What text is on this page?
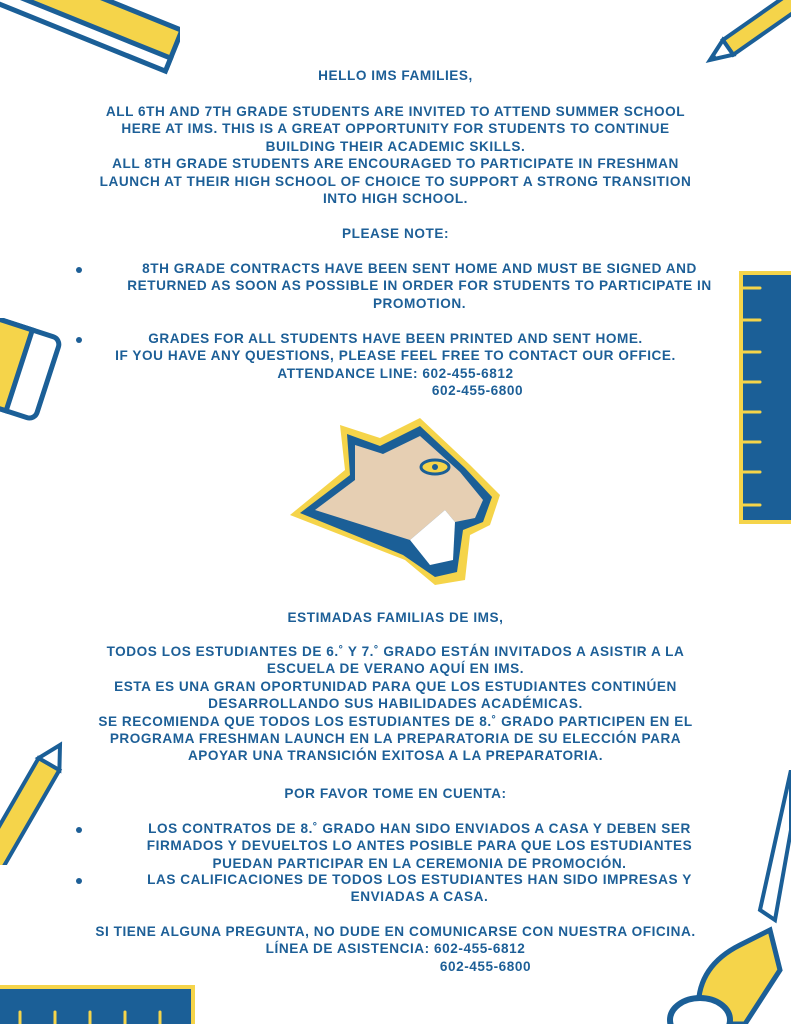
HELLO IMS FAMILIES,
ALL 6TH AND 7TH GRADE STUDENTS ARE INVITED TO ATTEND SUMMER SCHOOL
HERE AT IMS. THIS IS A GREAT OPPORTUNITY FOR STUDENTS TO CONTINUE
BUILDING THEIR ACADEMIC SKILLS.
ALL 8TH GRADE STUDENTS ARE ENCOURAGED TO PARTICIPATE IN FRESHMAN
LAUNCH AT THEIR HIGH SCHOOL OF CHOICE TO SUPPORT A STRONG TRANSITION
INTO HIGH SCHOOL.
PLEASE NOTE:
8TH GRADE CONTRACTS HAVE BEEN SENT HOME AND MUST BE SIGNED AND
RETURNED AS SOON AS POSSIBLE IN ORDER FOR STUDENTS TO PARTICIPATE IN
PROMOTION.
GRADES FOR ALL STUDENTS HAVE BEEN PRINTED AND SENT HOME.
IF YOU HAVE ANY QUESTIONS, PLEASE FEEL FREE TO CONTACT OUR OFFICE.
ATTENDANCE LINE: 602-455-6812
602-455-6800
ESTIMADAS FAMILIAS DE IMS,
TODOS LOS ESTUDIANTES DE 6.˚ Y 7.˚ GRADO ESTÁN INVITADOS A ASISTIR A LA
ESCUELA DE VERANO AQUÍ EN IMS.
ESTA ES UNA GRAN OPORTUNIDAD PARA QUE LOS ESTUDIANTES CONTINÚEN
DESARROLLANDO SUS HABILIDADES ACADÉMICAS.
SE RECOMIENDA QUE TODOS LOS ESTUDIANTES DE 8.˚ GRADO PARTICIPEN EN EL
PROGRAMA FRESHMAN LAUNCH EN LA PREPARATORIA DE SU ELECCIÓN PARA
APOYAR UNA TRANSICIÓN EXITOSA A LA PREPARATORIA.
POR FAVOR TOME EN CUENTA:
LOS CONTRATOS DE 8.˚ GRADO HAN SIDO ENVIADOS A CASA Y DEBEN SER
FIRMADOS Y DEVUELTOS LO ANTES POSIBLE PARA QUE LOS ESTUDIANTES
PUEDAN PARTICIPAR EN LA CEREMONIA DE PROMOCIÓN.
LAS CALIFICACIONES DE TODOS LOS ESTUDIANTES HAN SIDO IMPRESAS Y
ENVIADAS A CASA.
SI TIENE ALGUNA PREGUNTA, NO DUDE EN COMUNICARSE CON NUESTRA OFICINA.
LÍNEA DE ASISTENCIA: 602-455-6812
602-455-6800
